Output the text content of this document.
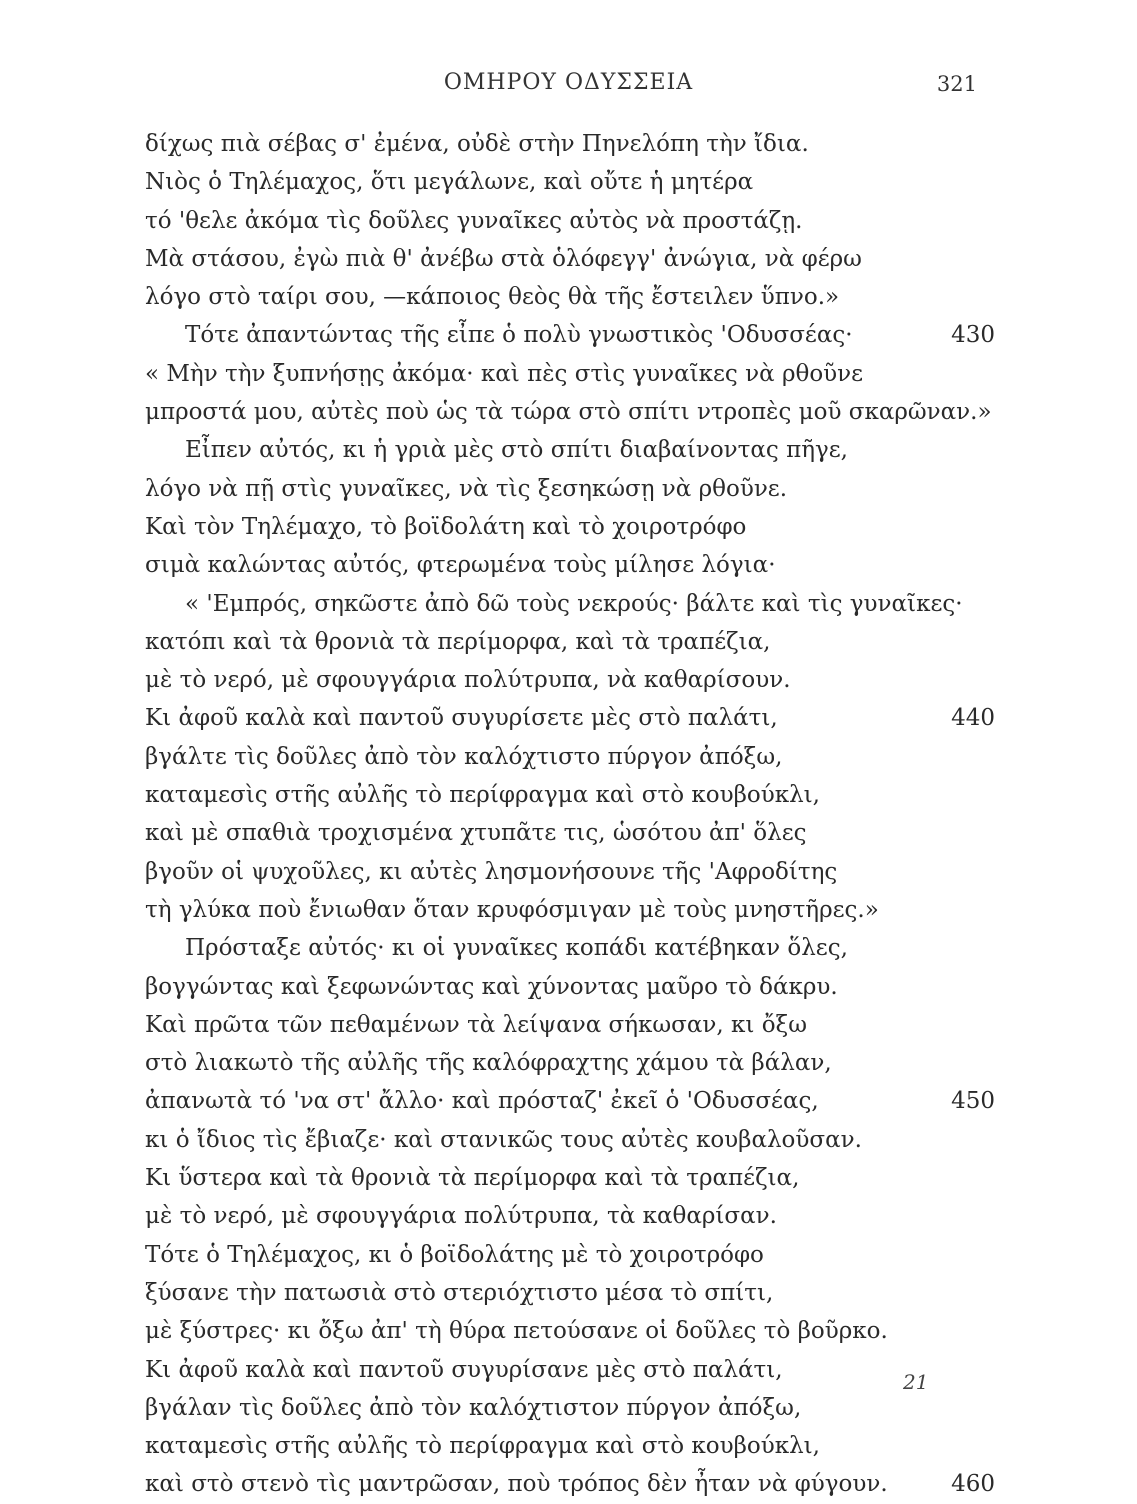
ΟΜΗΡΟΥ ΟΔΥΣΣΕΙΑ	321
δίχως πιὰ σέβας σ' ἐμένα, οὐδὲ στὴν Πηνελόπη τὴν ἴδια.
Νιὸς ὁ Τηλέμαχος, ὅτι μεγάλωνε, καὶ οὔτε ἡ μητέρα
τό 'θελε ἀκόμα τὶς δοῦλες γυναῖκες αὐτὸς νὰ προστάζῃ.
Μὰ στάσου, ἐγὼ πιὰ θ' ἀνέβω στὰ ὁλόφεγγ' ἀνώγια, νὰ φέρω
λόγο στὸ ταίρι σου, —κάποιος θεὸς θὰ τῆς ἔστειλεν ὕπνο.»
Τότε ἀπαντώντας τῆς εἶπε ὁ πολὺ γνωστικὸς 'Οδυσσέας·	430
« Μὴν τὴν ξυπνήσῃς ἀκόμα· καὶ πὲς στὶς γυναῖκες νὰ ρθοῦνε
μπροστά μου, αὐτὲς ποὺ ὡς τὰ τώρα στὸ σπίτι ντροπὲς μοῦ σκαρῶναν.»
Εἶπεν αὐτός, κι ἡ γριὰ μὲς στὸ σπίτι διαβαίνοντας πῆγε,
λόγο νὰ πῇ στὶς γυναῖκες, νὰ τὶς ξεσηκώσῃ νὰ ρθοῦνε.
Καὶ τὸν Τηλέμαχο, τὸ βοϊδολάτη καὶ τὸ χοιροτρόφο
σιμὰ καλώντας αὐτός, φτερωμένα τοὺς μίλησε λόγια·
« 'Εμπρός, σηκῶστε ἀπὸ δῶ τοὺς νεκρούς· βάλτε καὶ τὶς γυναῖκες·
κατόπι καὶ τὰ θρονιὰ τὰ περίμορφα, καὶ τὰ τραπέζια,
μὲ τὸ νερό, μὲ σφουγγάρια πολύτρυπα, νὰ καθαρίσουν.
Κι ἀφοῦ καλὰ καὶ παντοῦ συγυρίσετε μὲς στὸ παλάτι,	440
βγάλτε τὶς δοῦλες ἀπὸ τὸν καλόχτιστο πύργον ἀπόξω,
καταμεσὶς στῆς αὐλῆς τὸ περίφραγμα καὶ στὸ κουβούκλι,
καὶ μὲ σπαθιὰ τροχισμένα χτυπᾶτε τις, ὡσότου ἀπ' ὅλες
βγοῦν οἱ ψυχοῦλες, κι αὐτὲς λησμονήσουνε τῆς 'Αφροδίτης
τὴ γλύκα ποὺ ἔνιωθαν ὅταν κρυφόσμιγαν μὲ τοὺς μνηστῆρες.»
Πρόσταξε αὐτός· κι οἱ γυναῖκες κοπάδι κατέβηκαν ὅλες,
βογγώντας καὶ ξεφωνώντας καὶ χύνοντας μαῦρο τὸ δάκρυ.
Καὶ πρῶτα τῶν πεθαμένων τὰ λείψανα σήκωσαν, κι ὄξω
στὸ λιακωτὸ τῆς αὐλῆς τῆς καλόφραχτης χάμου τὰ βάλαν,
ἀπανωτὰ τό 'να στ' ἄλλο· καὶ πρόσταζ' ἐκεῖ ὁ 'Οδυσσέας,	450
κι ὁ ἴδιος τὶς ἔβιαζε· καὶ στανικῶς τους αὐτὲς κουβαλοῦσαν.
Κι ὕστερα καὶ τὰ θρονιὰ τὰ περίμορφα καὶ τὰ τραπέζια,
μὲ τὸ νερό, μὲ σφουγγάρια πολύτρυπα, τὰ καθαρίσαν.
Τότε ὁ Τηλέμαχος, κι ὁ βοϊδολάτης μὲ τὸ χοιροτρόφο
ξύσανε τὴν πατωσιὰ στὸ στεριόχτιστο μέσα τὸ σπίτι,
μὲ ξύστρες· κι ὄξω ἀπ' τὴ θύρα πετούσανε οἱ δοῦλες τὸ βοῦρκο.
Κι ἀφοῦ καλὰ καὶ παντοῦ συγυρίσανε μὲς στὸ παλάτι,
βγάλαν τὶς δοῦλες ἀπὸ τὸν καλόχτιστον πύργον ἀπόξω,
καταμεσὶς στῆς αὐλῆς τὸ περίφραγμα καὶ στὸ κουβούκλι,
καὶ στὸ στενὸ τὶς μαντρῶσαν, ποὺ τρόπος δὲν ἦταν νὰ φύγουν.	460
21
